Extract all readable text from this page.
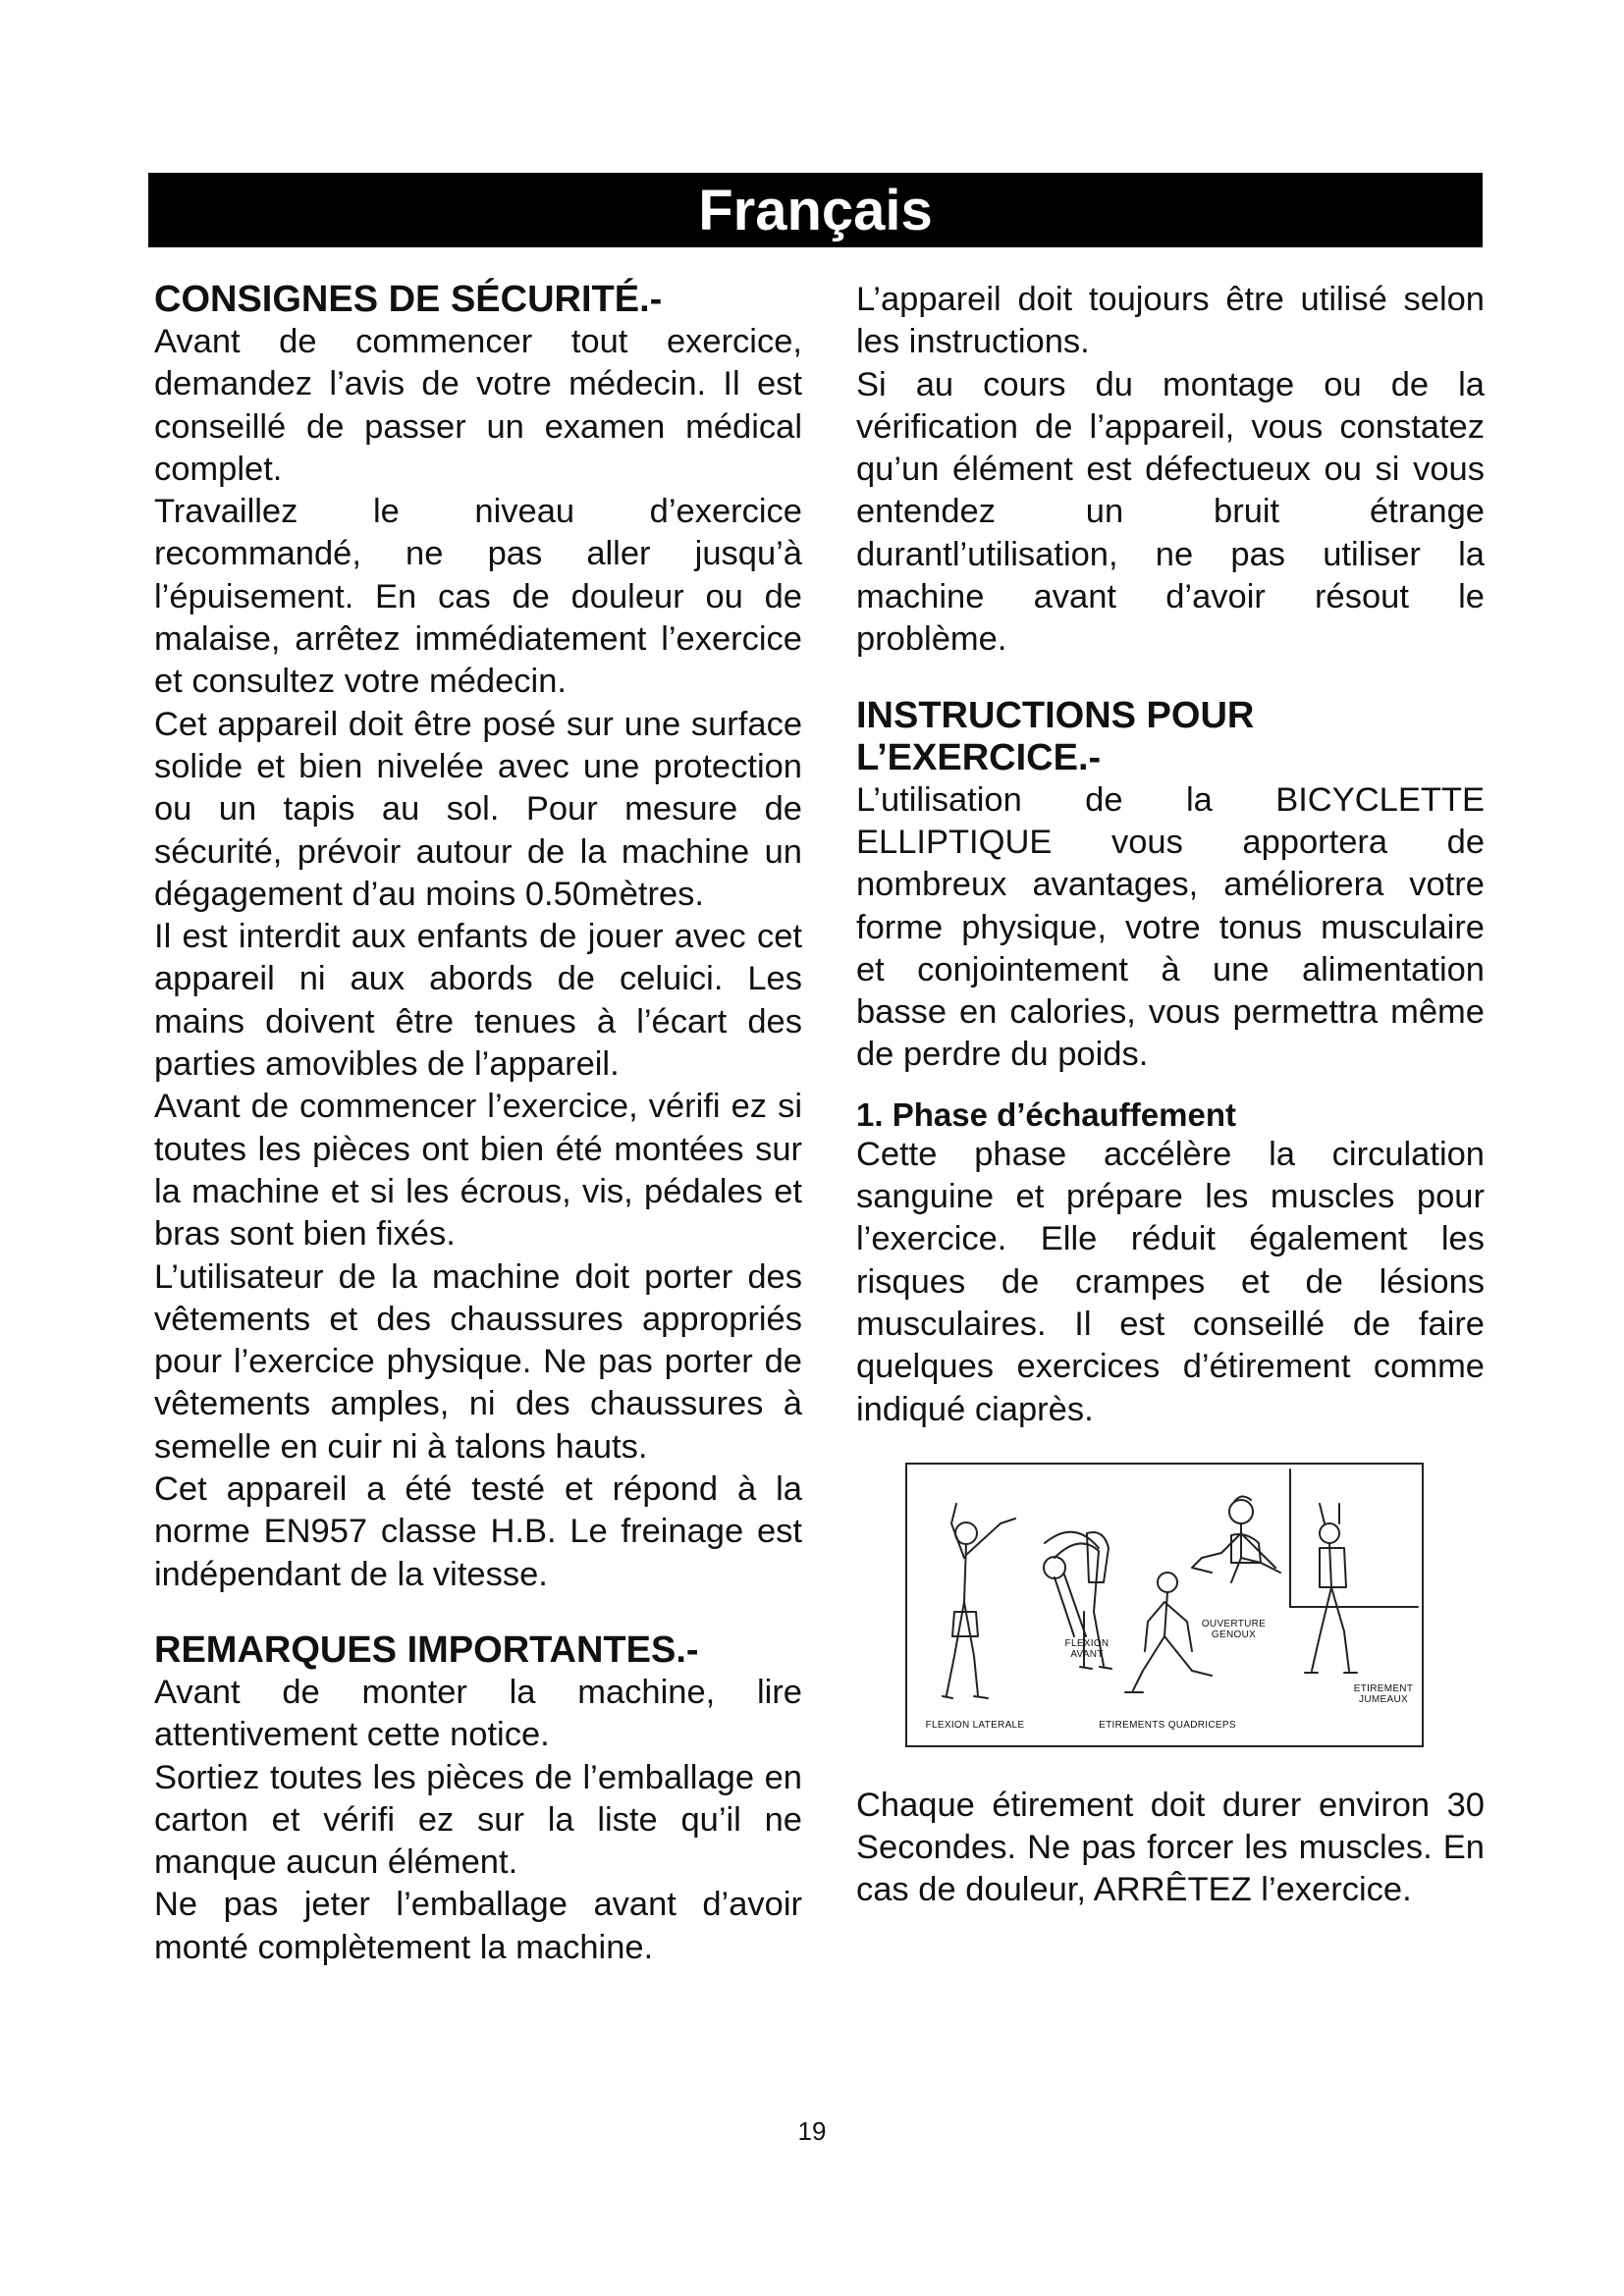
Français
CONSIGNES DE SÉCURITÉ.-

Avant de commencer tout exercice, demandez l’avis de votre médecin. Il est conseillé de passer un examen médical complet.

Travaillez le niveau d’exercice recommandé, ne pas aller jusqu’à l’épuisement. En cas de douleur ou de malaise, arrêtez immédiatement l’exercice et consultez votre médecin.

Cet appareil doit être posé sur une surface solide et bien nivelée avec une protection ou un tapis au sol. Pour mesure de sécurité, prévoir autour de la machine un dégagement d’au moins 0.50mètres.

Il est interdit aux enfants de jouer avec cet appareil ni aux abords de celuici. Les mains doivent être tenues à l’écart des parties amovibles de l’appareil.

Avant de commencer l’exercice, vérifi ez si toutes les pièces ont bien été montées sur la machine et si les écrous, vis, pédales et bras sont bien fixés.

L’utilisateur de la machine doit porter des vêtements et des chaussures appropriés pour l’exercice physique. Ne pas porter de vêtements amples, ni des chaussures à semelle en cuir ni à talons hauts.

Cet appareil a été testé et répond à la norme EN957 classe H.B. Le freinage est indépendant de la vitesse.

REMARQUES IMPORTANTES.-

Avant de monter la machine, lire attentivement cette notice.

Sortiez toutes les pièces de l’emballage en carton et vérifi ez sur la liste qu’il ne manque aucun élément.

Ne pas jeter l’emballage avant d’avoir monté complètement la machine.

L’appareil doit toujours être utilisé selon les instructions.

Si au cours du montage ou de la vérification de l’appareil, vous constatez qu’un élément est défectueux ou si vous entendez un bruit étrange durantl’utilisation, ne pas utiliser la machine avant d’avoir résout le problème.

INSTRUCTIONS POUR
L’EXERCICE.-

L’utilisation de la BICYCLETTE ELLIPTIQUE vous apportera de nombreux avantages, améliorera votre forme physique, votre tonus musculaire et conjointement à une alimentation basse en calories, vous permettra même de perdre du poids.

1. Phase d’échauffement

Cette phase accélère la circulation sanguine et prépare les muscles pour l’exercice. Elle réduit également les risques de crampes et de lésions musculaires. Il est conseillé de faire quelques exercices d’étirement comme indiqué ciaprès.

FLEXION
AVANT
OUVERTURE
GENOUX
ETIREMENT
JUMEAUX
FLEXION LATERALE	ETIREMENTS QUADRICEPS

Chaque étirement doit durer environ 30 Secondes. Ne pas forcer les muscles. En cas de douleur, ARRÊTEZ l’exercice.

19
